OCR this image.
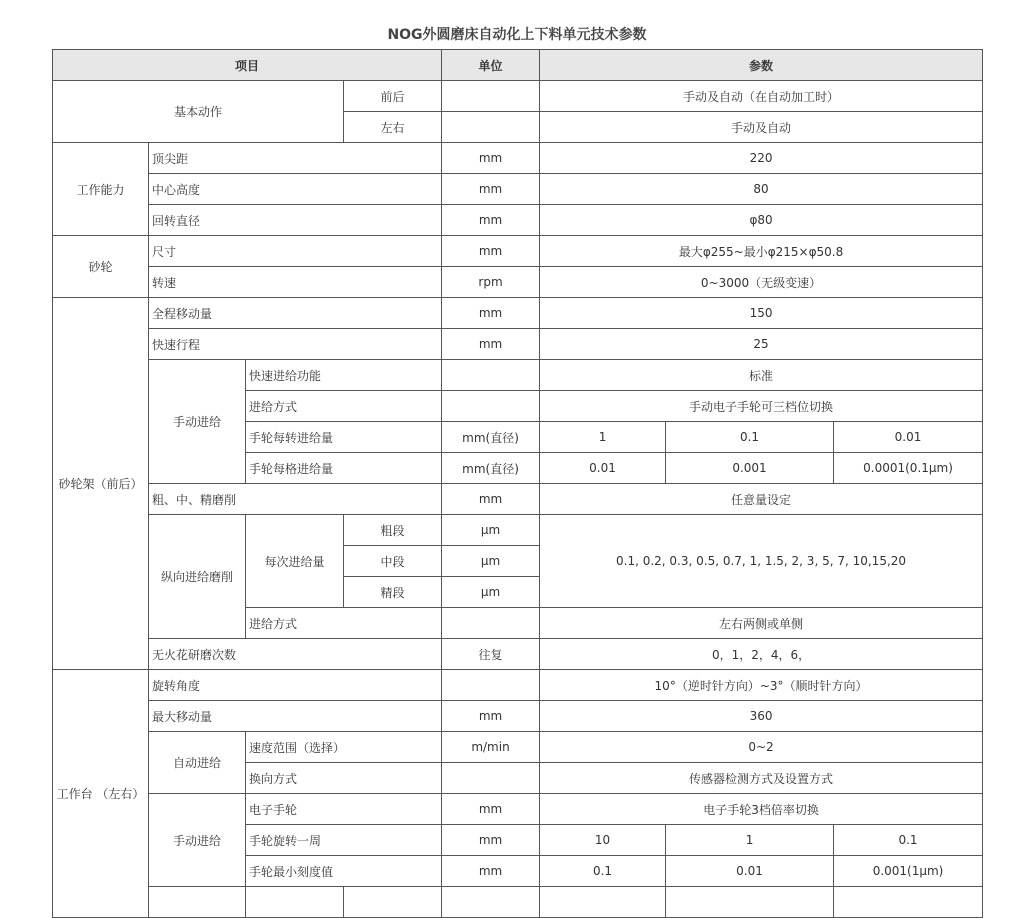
NOG外圆磨床自动化上下料单元技术参数
项目				单位	参数			
基本动作			前后		手动及自动（在自动加工时）			
			左右		手动及自动			
工作能力	顶尖距			mm	220			
	中心高度			mm	80			
	回转直径			mm	φ80			
砂轮	尺寸			mm	最大φ255~最小φ215×φ50.8			
	转速			rpm	0~3000（无级变速）			
砂轮架（前后）	全程移动量			mm	150			
	快速行程			mm	25			
	手动进给	快速进给功能			标准			
		进给方式			手动电子手轮可三档位切换			
		手轮每转进给量		mm(直径)	1	0.1	0.01	
		手轮每格进给量		mm(直径)	0.01	0.001	0.0001(0.1μm)	
	粗、中、精磨削			mm	任意量设定			
	纵向进给磨削	每次进给量	粗段	μm	0.1, 0.2, 0.3, 0.5, 0.7, 1, 1.5, 2, 3, 5, 7, 10,15,20			
			中段	μm				
			精段	μm				
		进给方式			左右两侧或单侧			
	无火花研磨次数			往复	0，1，2，4，6，			
工作台 （左右）	旋转角度				10°（逆时针方向）~3°（顺时针方向）			
	最大移动量			mm	360			
	自动进给	速度范围（选择）		m/min	0~2			
		换向方式			传感器检测方式及设置方式			
	手动进给	电子手轮		mm	电子手轮3档倍率切换			
		手轮旋转一周		mm	10	1	0.1	
		手轮最小刻度值		mm	0.1	0.01	0.001(1μm)	
